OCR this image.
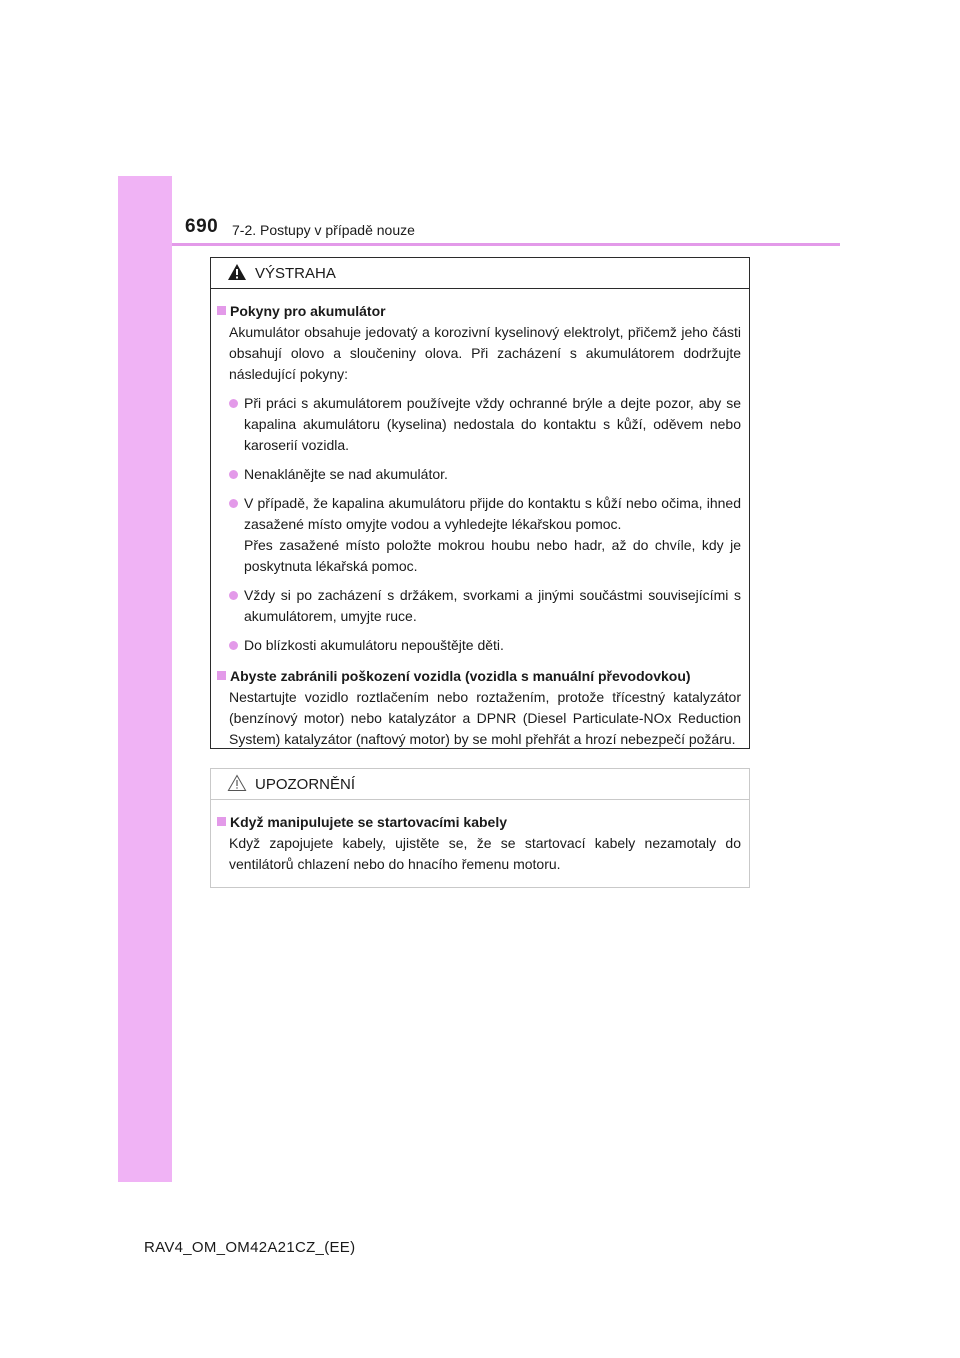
690 7-2. Postupy v případě nouze
VÝSTRAHA
Pokyny pro akumulátor

Akumulátor obsahuje jedovatý a korozivní kyselinový elektrolyt, přičemž jeho části obsahují olovo a sloučeniny olova. Při zacházení s akumulátorem dodržujte následující pokyny:

Při práci s akumulátorem používejte vždy ochranné brýle a dejte pozor, aby se kapalina akumulátoru (kyselina) nedostala do kontaktu s kůží, oděvem nebo karoserií vozidla.
Nenaklánějte se nad akumulátor.
V případě, že kapalina akumulátoru přijde do kontaktu s kůží nebo očima, ihned zasažené místo omyjte vodou a vyhledejte lékařskou pomoc.
Přes zasažené místo položte mokrou houbu nebo hadr, až do chvíle, kdy je poskytnuta lékařská pomoc.
Vždy si po zacházení s držákem, svorkami a jinými součástmi souvisejícími s akumulátorem, umyjte ruce.
Do blízkosti akumulátoru nepouštějte děti.
Abyste zabránili poškození vozidla (vozidla s manuální převodovkou)

Nestartujte vozidlo roztlačením nebo roztažením, protože třícestný katalyzátor (benzínový motor) nebo katalyzátor a DPNR (Diesel Particulate-NOx Reduction System) katalyzátor (naftový motor) by se mohl přehřát a hrozí nebezpečí požáru.

UPOZORNĚNÍ
Když manipulujete se startovacími kabely

Když zapojujete kabely, ujistěte se, že se startovací kabely nezamotaly do ventilátorů chlazení nebo do hnacího řemenu motoru.

RAV4_OM_OM42A21CZ_(EE)
